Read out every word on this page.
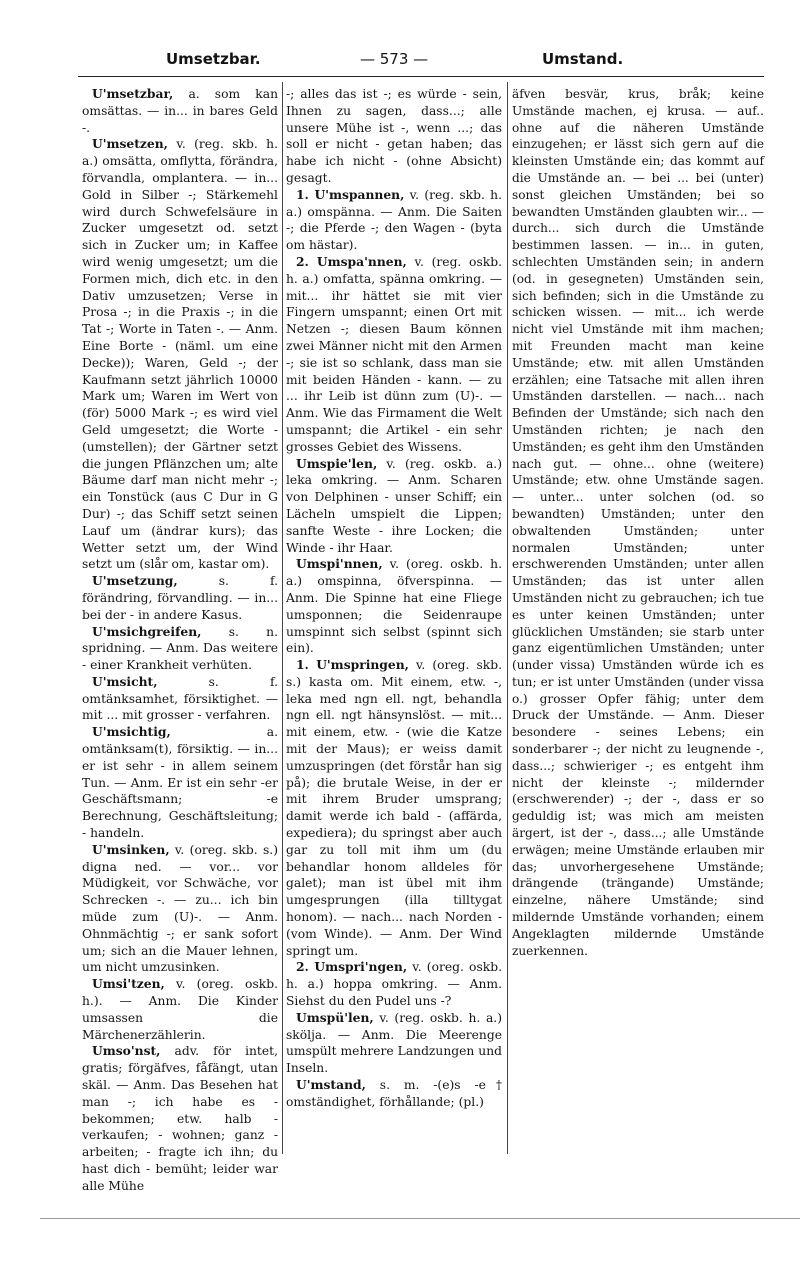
Umsetzbar.	— 573 —	Umstand.

U'msetzbar, a. som kan omsättas. — in... in bares Geld -.

U'msetzen, v. (reg. skb. h. a.) omsätta, omflytta, förändra, förvandla, omplantera. — in... Gold in Silber -; Stärkemehl wird durch Schwefelsäure in Zucker umgesetzt od. setzt sich in Zucker um; in Kaffee wird wenig umgesetzt; um die Formen mich, dich etc. in den Dativ umzusetzen; Verse in Prosa -; in die Praxis -; in die Tat -; Worte in Taten -. — Anm. Eine Borte - (näml. um eine Decke)); Waren, Geld -; der Kaufmann setzt jährlich 10000 Mark um; Waren im Wert von (för) 5000 Mark -; es wird viel Geld umgesetzt; die Worte - (umstellen); der Gärtner setzt die jungen Pflänzchen um; alte Bäume darf man nicht mehr -; ein Tonstück (aus C Dur in G Dur) -; das Schiff setzt seinen Lauf um (ändrar kurs); das Wetter setzt um, der Wind setzt um (slår om, kastar om).

U'msetzung, s. f. förändring, förvandling. — in... bei der - in andere Kasus.

U'msichgreifen, s. n. spridning. — Anm. Das weitere - einer Krankheit verhüten.

U'msicht, s. f. omtänksamhet, försiktighet. — mit ... mit grosser - verfahren.

U'msichtig, a. omtänksam(t), försiktig. — in... er ist sehr - in allem seinem Tun. — Anm. Er ist ein sehr -er Geschäftsmann; -e Berechnung, Geschäftsleitung; - handeln.

U'msinken, v. (oreg. skb. s.) digna ned. — vor... vor Müdigkeit, vor Schwäche, vor Schrecken -. — zu... ich bin müde zum (U)-. — Anm. Ohnmächtig -; er sank sofort um; sich an die Mauer lehnen, um nicht umzusinken.

Umsi'tzen, v. (oreg. oskb. h.). — Anm. Die Kinder umsassen die Märchenerzählerin.

Umso'nst, adv. för intet, gratis; förgäfves, fåfängt, utan skäl. — Anm. Das Besehen hat man -; ich habe es - bekommen; etw. halb - verkaufen; - wohnen; ganz - arbeiten; - fragte ich ihn; du hast dich - bemüht; leider war alle Mühe

-; alles das ist -; es würde - sein, Ihnen zu sagen, dass...; alle unsere Mühe ist -, wenn ...; das soll er nicht - getan haben; das habe ich nicht - (ohne Absicht) gesagt.

1. U'mspannen, v. (reg. skb. h. a.) omspänna. — Anm. Die Saiten -; die Pferde -; den Wagen - (byta om hästar).

2. Umspa'nnen, v. (reg. oskb. h. a.) omfatta, spänna omkring. — mit... ihr hättet sie mit vier Fingern umspannt; einen Ort mit Netzen -; diesen Baum können zwei Männer nicht mit den Armen -; sie ist so schlank, dass man sie mit beiden Händen - kann. — zu ... ihr Leib ist dünn zum (U)-. — Anm. Wie das Firmament die Welt umspannt; die Artikel - ein sehr grosses Gebiet des Wissens.

Umspie'len, v. (reg. oskb. a.) leka omkring. — Anm. Scharen von Delphinen - unser Schiff; ein Lächeln umspielt die Lippen; sanfte Weste - ihre Locken; die Winde - ihr Haar.

Umspi'nnen, v. (oreg. oskb. h. a.) omspinna, öfverspinna. — Anm. Die Spinne hat eine Fliege umsponnen; die Seidenraupe umspinnt sich selbst (spinnt sich ein).

1. U'mspringen, v. (oreg. skb. s.) kasta om. Mit einem, etw. -, leka med ngn ell. ngt, behandla ngn ell. ngt hänsynslöst. — mit... mit einem, etw. - (wie die Katze mit der Maus); er weiss damit umzuspringen (det förstår han sig på); die brutale Weise, in der er mit ihrem Bruder umsprang; damit werde ich bald - (affärda, expediera); du springst aber auch gar zu toll mit ihm um (du behandlar honom alldeles för galet); man ist übel mit ihm umgesprungen (illa tilltygat honom). — nach... nach Norden - (vom Winde). — Anm. Der Wind springt um.

2. Umspri'ngen, v. (oreg. oskb. h. a.) hoppa omkring. — Anm. Siehst du den Pudel uns -?

Umspü'len, v. (reg. oskb. h. a.) skölja. — Anm. Die Meerenge umspült mehrere Landzungen und Inseln.

U'mstand, s. m. -(e)s -e† omständighet, förhållande; (pl.)

äfven besvär, krus, bråk; keine Umstände machen, ej krusa. — auf.. ohne auf die näheren Umstände einzugehen; er lässt sich gern auf die kleinsten Umstände ein; das kommt auf die Umstände an. — bei ... bei (unter) sonst gleichen Umständen; bei so bewandten Umständen glaubten wir... — durch... sich durch die Umstände bestimmen lassen. — in... in guten, schlechten Umständen sein; in andern (od. in gesegneten) Umständen sein, sich befinden; sich in die Umstände zu schicken wissen. — mit... ich werde nicht viel Umstände mit ihm machen; mit Freunden macht man keine Umstände; etw. mit allen Umständen erzählen; eine Tatsache mit allen ihren Umständen darstellen. — nach... nach Befinden der Umstände; sich nach den Umständen richten; je nach den Umständen; es geht ihm den Umständen nach gut. — ohne... ohne (weitere) Umstände; etw. ohne Umstände sagen. — unter... unter solchen (od. so bewandten) Umständen; unter den obwaltenden Umständen; unter normalen Umständen; unter erschwerenden Umständen; unter allen Umständen; das ist unter allen Umständen nicht zu gebrauchen; ich tue es unter keinen Umständen; unter glücklichen Umständen; sie starb unter ganz eigentümlichen Umständen; unter (under vissa) Umständen würde ich es tun; er ist unter Umständen (under vissa o.) grosser Opfer fähig; unter dem Druck der Umstände. — Anm. Dieser besondere - seines Lebens; ein sonderbarer -; der nicht zu leugnende -, dass...; schwieriger -; es entgeht ihm nicht der kleinste -; mildernder (erschwerender) -; der -, dass er so geduldig ist; was mich am meisten ärgert, ist der -, dass...; alle Umstände erwägen; meine Umstände erlauben mir das; unvorhergesehene Umstände; drängende (trängande) Umstände; einzelne, nähere Umstände; sind mildernde Umstände vorhanden; einem Angeklagten mildernde Umstände zuerkennen.
